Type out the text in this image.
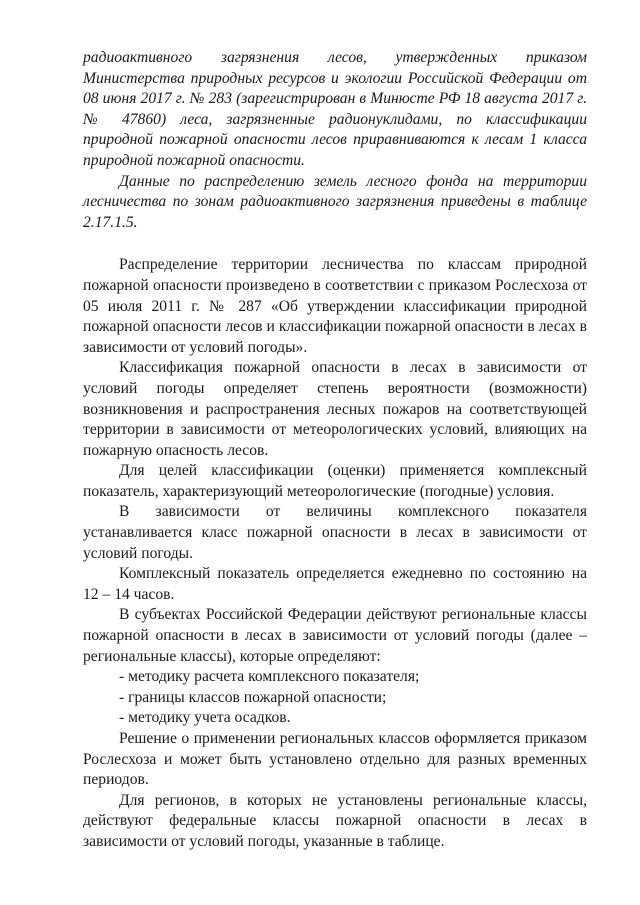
радиоактивного загрязнения лесов, утвержденных приказом Министерства природных ресурсов и экологии Российской Федерации от 08 июня 2017 г. № 283 (зарегистрирован в Минюсте РФ 18 августа 2017 г. № 47860) леса, загрязненные радионуклидами, по классификации природной пожарной опасности лесов приравниваются к лесам 1 класса природной пожарной опасности.

Данные по распределению земель лесного фонда на территории лесничества по зонам радиоактивного загрязнения приведены в таблице 2.17.1.5.

Распределение территории лесничества по классам природной пожарной опасности произведено в соответствии с приказом Рослесхоза от 05 июля 2011 г. № 287 «Об утверждении классификации природной пожарной опасности лесов и классификации пожарной опасности в лесах в зависимости от условий погоды».

Классификация пожарной опасности в лесах в зависимости от условий погоды определяет степень вероятности (возможности) возникновения и распространения лесных пожаров на соответствующей территории в зависимости от метеорологических условий, влияющих на пожарную опасность лесов.

Для целей классификации (оценки) применяется комплексный показатель, характеризующий метеорологические (погодные) условия.

В зависимости от величины комплексного показателя устанавливается класс пожарной опасности в лесах в зависимости от условий погоды.

Комплексный показатель определяется ежедневно по состоянию на 12 – 14 часов.

В субъектах Российской Федерации действуют региональные классы пожарной опасности в лесах в зависимости от условий погоды (далее – региональные классы), которые определяют:

- методику расчета комплексного показателя;

- границы классов пожарной опасности;

- методику учета осадков.

Решение о применении региональных классов оформляется приказом Рослесхоза и может быть установлено отдельно для разных временных периодов.

Для регионов, в которых не установлены региональные классы, действуют федеральные классы пожарной опасности в лесах в зависимости от условий погоды, указанные в таблице.
